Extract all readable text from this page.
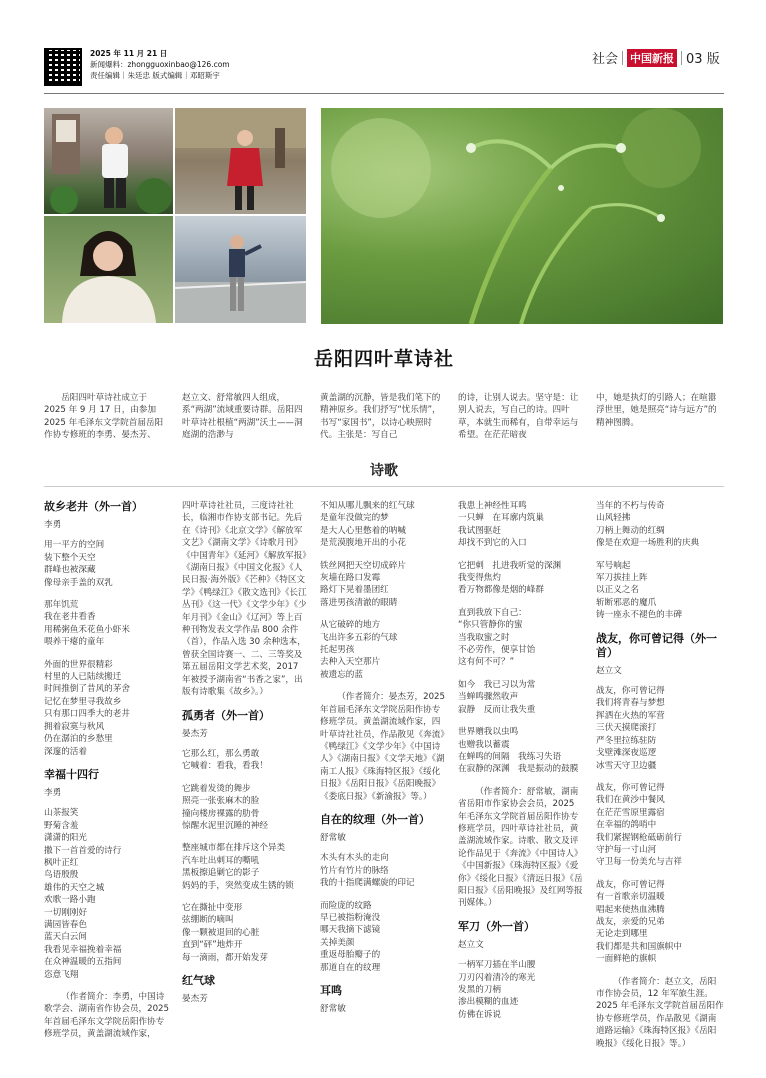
2025 年 11 月 21 日
新闻爆料：zhongguoxinbao@126.com
责任编辑｜朱廷忠 版式编辑｜邓昭斯宇
社会 中国新报 03 版
岳阳四叶草诗社

岳阳四叶草诗社成立于2025 年 9 月 17 日，由参加2025 年毛泽东文学院首届岳阳作协专修班的李勇、晏杰芳、

赵立文、舒常敏四人组成，系“两湖”流域重要诗群。岳阳四叶草诗社根植“两湖”沃土——洞庭湖的浩渺与

黄盖湖的沉静，皆是我们笔下的精神原乡。我们抒写“忧乐情”，书写“家国书”，以诗心映照时代。主张是：写自己

的诗，让别人说去。坚守是：让别人说去，写自己的诗。四叶草，本就生而稀有，自带幸运与希望。在茫茫暗夜

中，她是执灯的引路人；在喧嚣浮世里，她是照亮“诗与远方”的精神图腾。

诗歌
故乡老井（外一首）
李勇
用一平方的空间
装下整个天空
群峰也被深藏
像母亲手盖的双乳
那年饥荒
我在老井看香
用稀粥鱼禾花鱼小虾米
喂养干瘪的童年
外面的世界很精彩
村里的人已陆续搬迁
时间推倒了昔风的茅舍
记忆在梦里寻我故乡
只有那口四季大的老井
拥着寂寞与秋风
仍在潺泊的乡愁里
深邃的活着
幸福十四行
李勇
山茶报笑
野菊含羞
潇潇的阳光
撒下一首首爱的诗行
枫叶正红
鸟语殷殷
雄伟的天空之城
欢歌一路小跑
一切刚刚好
满园皆春色
蓝天白云间
我看见幸福挽着幸福
在众神温暖的五指间
恣意飞翔
（作者简介：李勇，中国诗歌学会、湖南省作协会员，2025 年首届毛泽东文学院岳阳作协专修班学员，黄盖湖流域作家，
四叶草诗社社员，三度诗社社长，临湘市作协支部书记。先后在《诗刊》《北京文学》《解放军文艺》《湖南文学》《诗歌月刊》《中国青年》《延河》《解放军报》《湖南日报》《中国文化报》《人民日报·海外版》《芒种》《特区文学》《鸭绿江》《散文选刊》《长江丛刊》《这一代》《文学少年》《少年月刊》《金山》《辽河》等上百种刊物发表文学作品 800 余件（首），作品入选 30 余种选本，曾获全国诗赛一、二、三等奖及第五届岳阳文学艺术奖，2017 年被授予湖南省“书香之家”，出版有诗歌集《故乡》。）
孤勇者（外一首）
晏杰芳
它那么红，那么勇敢
它喊着：看我，看我！
它跳着发烫的舞步
照亮一张张麻木的脸
撞向楼房裸露的肋骨
惊醒水泥里沉睡的神经
整座城市都在排斥这个异类
汽车吐出刺耳的嘶吼
黑板擦追剿它的影子
妈妈的手，突然变成生锈的锁
它在撕扯中变形
弦绷断的嘀叫
像一颗被退回的心脏
直到“砰”地炸开
每一滴雨，都开始发芽
红气球
晏杰芳
不知从哪儿飘来的红气球
是童年没做完的梦
是大人心里憋着的呐喊
是荒漠腹地开出的小花
铁丝网把天空切成碎片
灰墙在路口发霉
路灯下晃着墨团红
落进男孩清澈的眼睛
从它破碎的地方
飞出许多五彩的气球
托起男孩
去种入天空那片
被遗忘的蓝
（作者简介：晏杰芳，2025 年首届毛泽东文学院岳阳作协专修班学员。黄盖湖流域作家，四叶草诗社社员，作品散见《奔流》《鸭绿江》《文学少年》《中国诗人》《湖南日报》《文学天地》《湖南工人报》《珠海特区报》《绥化日报》《岳阳日报》《岳阳晚报》《娄底日报》《新渝报》等。）
自在的纹理（外一首）
舒常敏
木头有木头的走向
竹片有竹片的脉络
我的十指爬满螺旋的印记
而险庞的纹路
早已被指粉淹没
哪天我摘下滤镜
关掉美颜
重返母胎瓣子的
那道自在的纹理
耳鸣
舒常敏
我患上神经性耳鸣
一只蝉　在耳廓内筑巢
我试图驱赶
却找不到它的入口
它把刺　扎进我听觉的深渊
我变得焦灼
看万物都像是烟的峰群
直到我放下自己：
“你只管静你的蜜
当我取蜜之时
不必劳作，便享甘饴
这有何不可？”
如今　我已习以为常
当蝉鸣骤然收声
寂静　反而让我失重
世界赠我以虫鸣
也赠我以蓄震
在蝉鸣的间隔　我练习失语
在寂静的深渊　我是振动的鼓膜
（作者简介：舒常敏，湖南省岳阳市作家协会会员，2025 年毛泽东文学院首届岳阳作协专修班学员，四叶草诗社社员，黄盖湖流域作家。诗歌、散文及评论作品见于《奔流》《中国诗人》《中国新报》《珠海特区报》《爱你》《绥化日报》《清远日报》《岳阳日报》《岳阳晚报》及红网等报刊媒体。）
军刀（外一首）
赵立文
一柄军刀插在半山腰
刀刃闪着清冷的寒光
发黑的刀柄
渗出模糊的血迹
仿佛在诉说
当年的不朽与传奇
山风轻拂
刀柄上舞动的红绸
像是在欢迎一场胜利的庆典
军号响起
军刀拔挂上阵
以正义之名
斩断邪恶的魔爪
铸一座永不褪色的丰碑
战友，你可曾记得（外一首）
赵立文
战友，你可曾记得
我们将青春与梦想
挥洒在火热的军营
三伏天摸爬滚打
严冬里拉练驻防
戈壁滩深夜巡逻
冰雪天守卫边疆
战友，你可曾记得
我们在黄沙中餐风
在茫茫雪原里露宿
在幸福的鸽哨中
我们紧握钢枪砥砺前行
守护每一寸山河
守卫每一份美允与吉祥
战友，你可曾记得
有一首歌亲切温暖
唱起来使热血沸腾
战友，亲爱的兄弟
无论走到哪里
我们都是共和国旗帜中
一面鲜艳的旗帜
（作者简介：赵立文，岳阳市作协会员，12 年军旅生涯。2025 年毛泽东文学院首届岳阳作协专修班学员，作品散见《湖南道路运输》《珠海特区报》《岳阳晚报》《绥化日报》等。）
